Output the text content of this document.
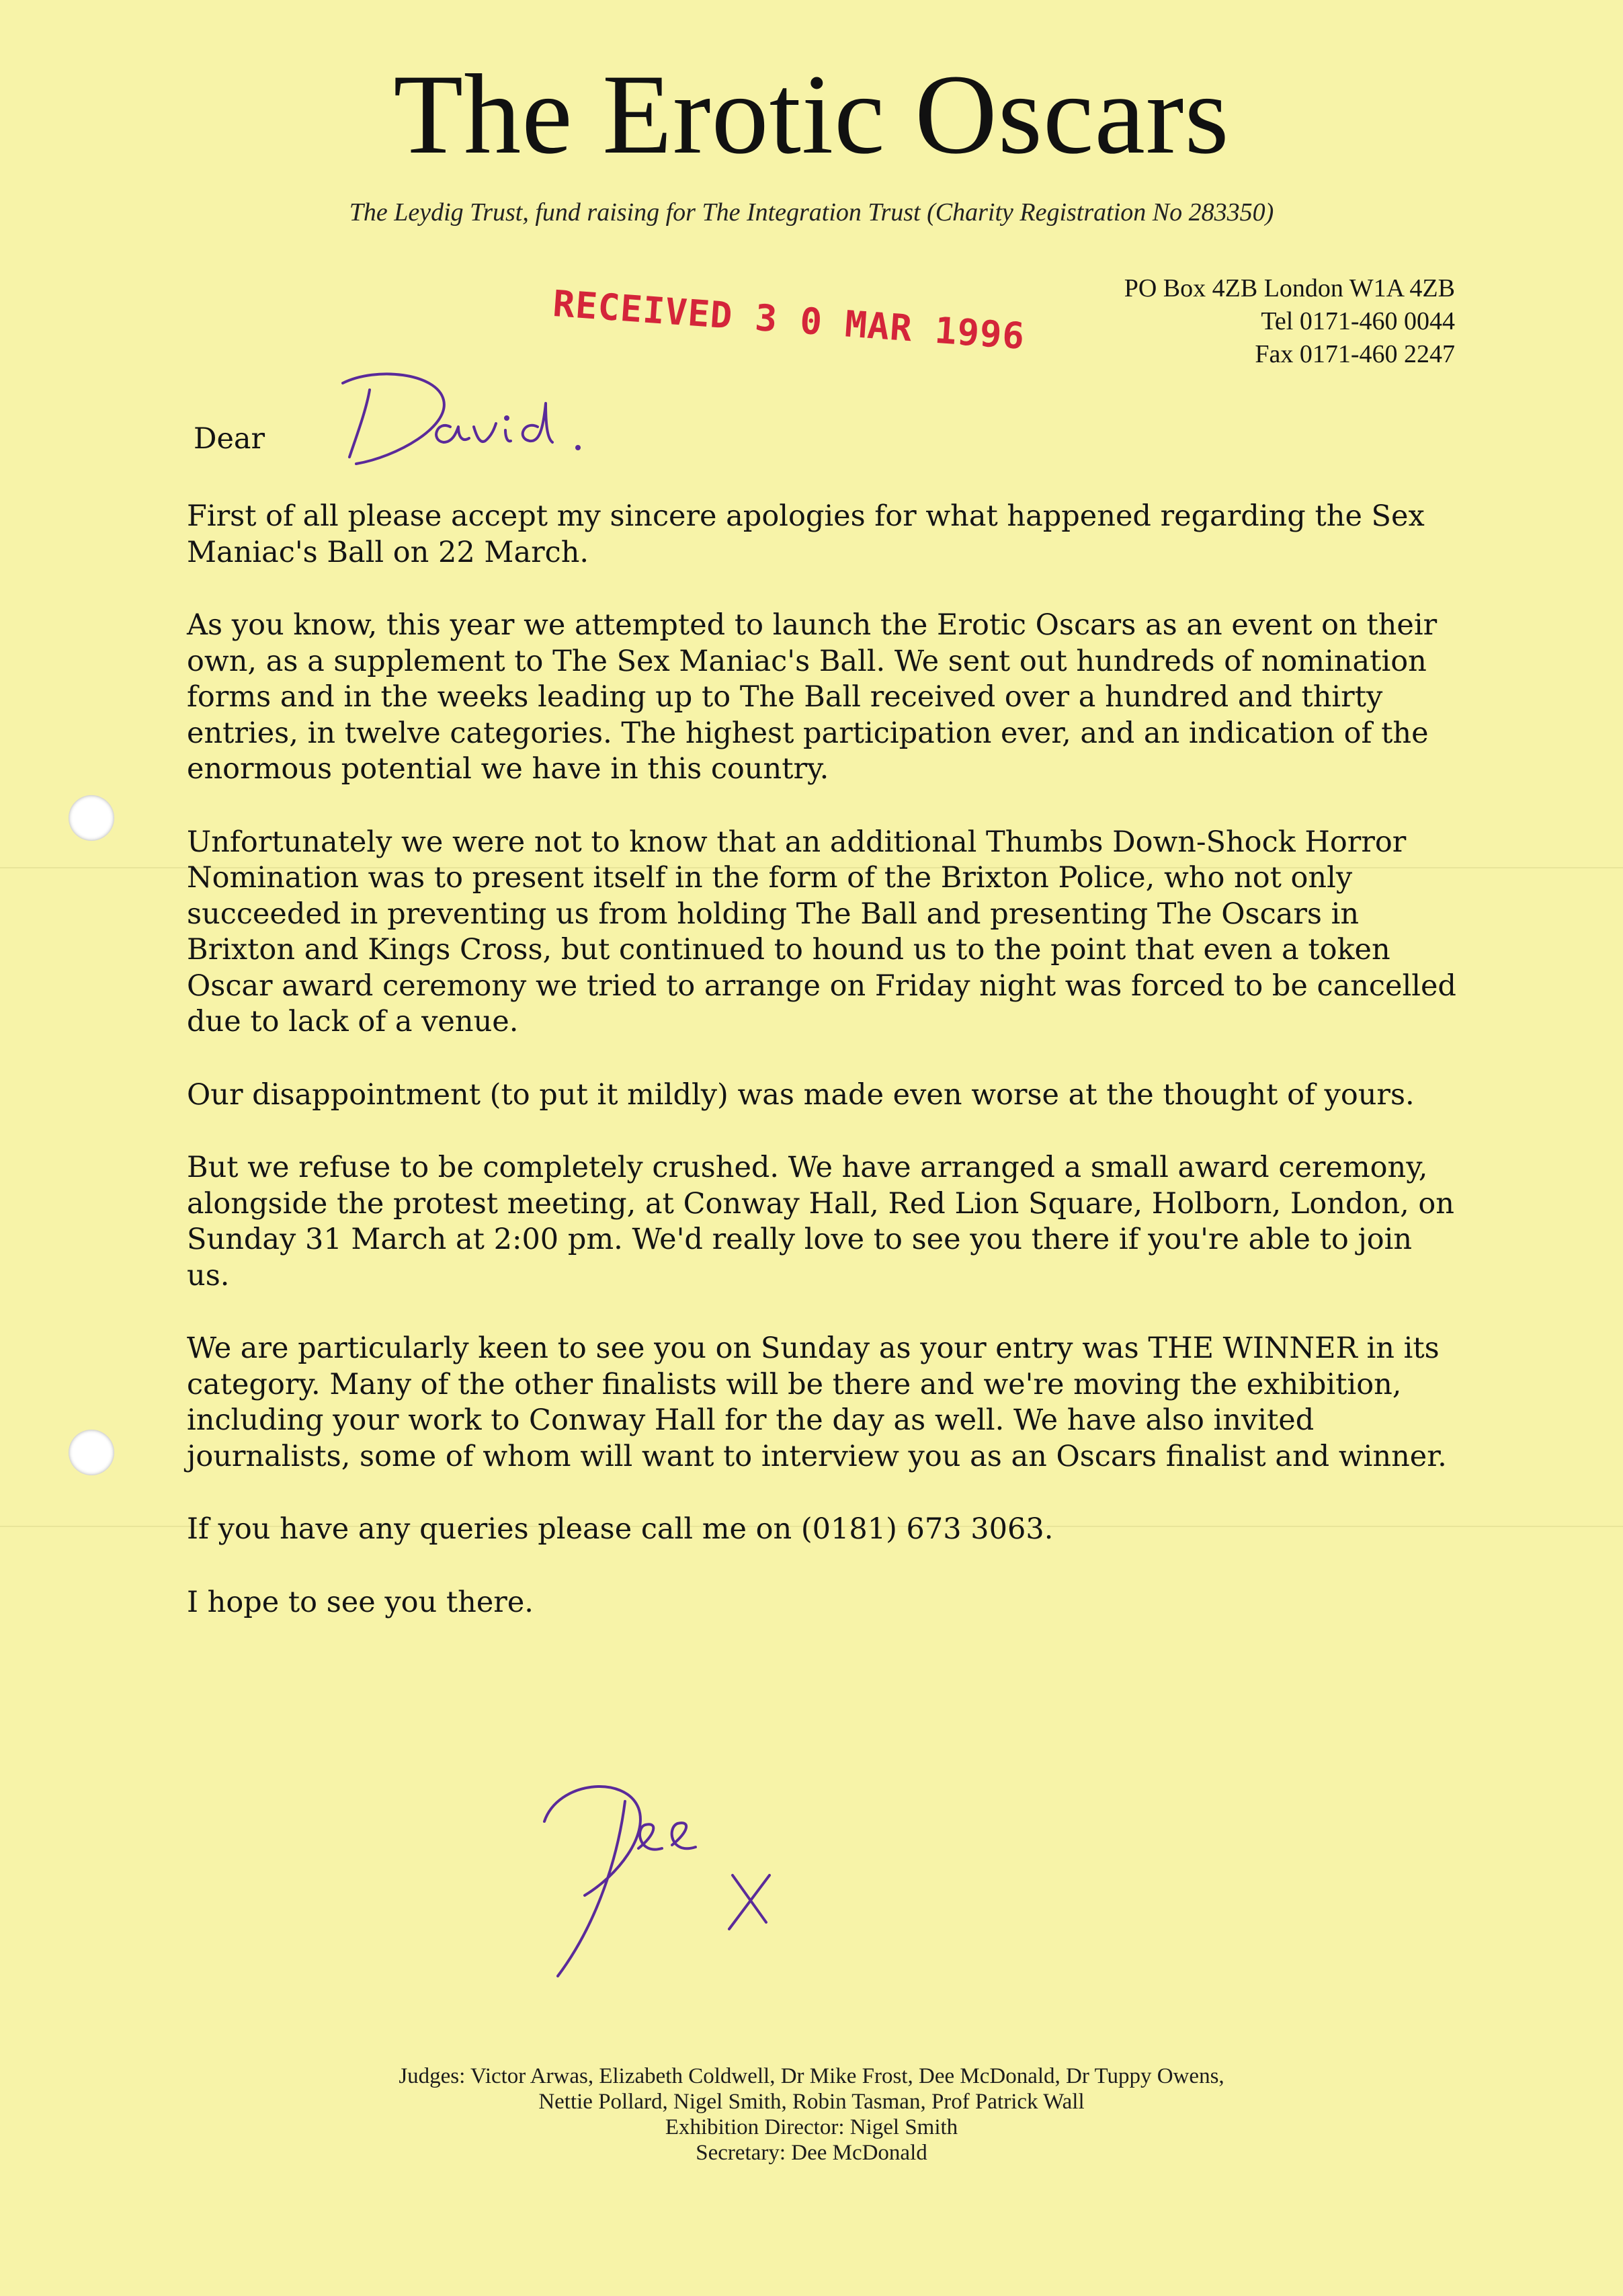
The Erotic Oscars
The Leydig Trust, fund raising for The Integration Trust (Charity Registration No 283350)
PO Box 4ZB London W1A 4ZB
Tel 0171-460 0044
Fax 0171-460 2247
RECEIVED 3 0 MAR 1996
Dear

First of all please accept my sincere apologies for what happened regarding the Sex Maniac's Ball on 22 March.

As you know, this year we attempted to launch the Erotic Oscars as an event on their own, as a supplement to The Sex Maniac's Ball. We sent out hundreds of nomination forms and in the weeks leading up to The Ball received over a hundred and thirty entries, in twelve categories. The highest participation ever, and an indication of the enormous potential we have in this country.

Unfortunately we were not to know that an additional Thumbs Down-Shock Horror Nomination was to present itself in the form of the Brixton Police, who not only succeeded in preventing us from holding The Ball and presenting The Oscars in Brixton and Kings Cross, but continued to hound us to the point that even a token Oscar award ceremony we tried to arrange on Friday night was forced to be cancelled due to lack of a venue.

Our disappointment (to put it mildly) was made even worse at the thought of yours.

But we refuse to be completely crushed. We have arranged a small award ceremony, alongside the protest meeting, at Conway Hall, Red Lion Square, Holborn, London, on Sunday 31 March at 2:00 pm. We'd really love to see you there if you're able to join us.

We are particularly keen to see you on Sunday as your entry was THE WINNER in its category. Many of the other finalists will be there and we're moving the exhibition, including your work to Conway Hall for the day as well. We have also invited journalists, some of whom will want to interview you as an Oscars finalist and winner.

If you have any queries please call me on (0181) 673 3063.

I hope to see you there.

Judges: Victor Arwas, Elizabeth Coldwell, Dr Mike Frost, Dee McDonald, Dr Tuppy Owens,
Nettie Pollard, Nigel Smith, Robin Tasman, Prof Patrick Wall
Exhibition Director: Nigel Smith
Secretary: Dee McDonald
